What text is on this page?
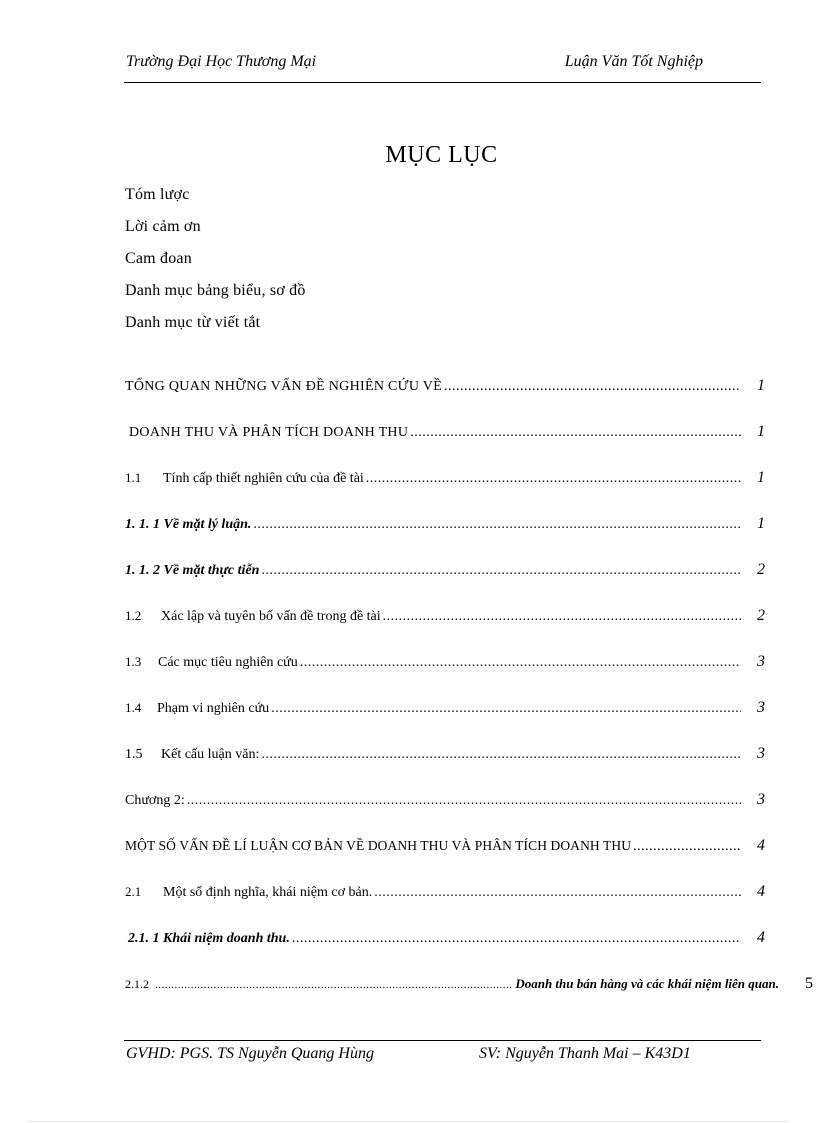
Trường Đại Học Thương Mại	Luận Văn Tốt Nghiệp
MỤC LỤC
Tóm lược
Lời cảm ơn
Cam đoan
Danh mục bảng biểu, sơ đồ
Danh mục từ viết tắt
TỔNG QUAN NHỮNG VẤN ĐỀ NGHIÊN CỨU VỀ .....	1
DOANH THU VÀ PHÂN TÍCH DOANH THU .....	1
1.1	Tính cấp thiết nghiên cứu của đề tài .....	1
1. 1. 1 Về mặt lý luận. .....	1
1. 1. 2 Về mặt thực tiễn .....	2
1.2	Xác lập và tuyên bố vấn đề trong đề tài .....	2
1.3	Các mục tiêu nghiên cứu .....	3
1.4	Phạm vi nghiên cứu .....	3
1.5	Kết cấu luận văn: .....	3
Chương 2: .....	3
MỘT SỐ VẤN ĐỀ LÍ LUẬN CƠ BẢN VỀ DOANH THU VÀ PHÂN TÍCH DOANH THU .....	4
2.1	Một số định nghĩa, khái niệm cơ bản. .....	4
2.1. 1 Khái niệm doanh thu. .....	4
2.1.2 .....	Doanh thu bán hàng và các khái niệm liên quan.	5
GVHD: PGS. TS Nguyễn Quang Hùng	SV: Nguyễn Thanh Mai – K43D1
